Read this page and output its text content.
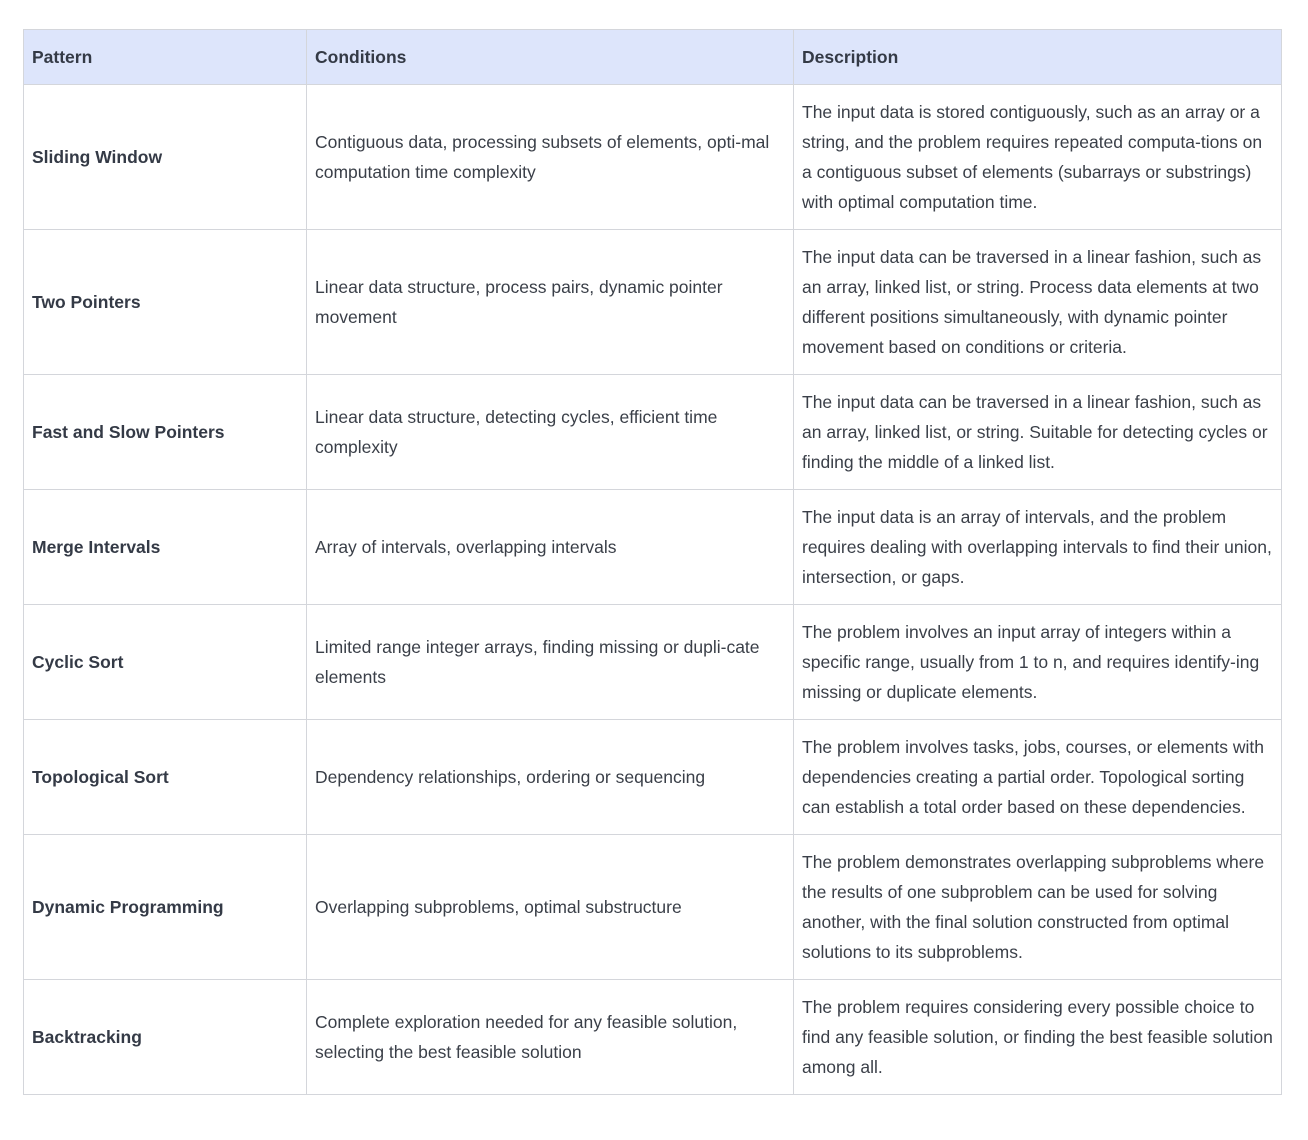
Pattern	Conditions	Description
Sliding Window	Contiguous data, processing subsets of elements, opti-mal computation time complexity	The input data is stored contiguously, such as an array or a string, and the problem requires repeated computa-tions on a contiguous subset of elements (subarrays or substrings) with optimal computation time.
Two Pointers	Linear data structure, process pairs, dynamic pointer movement	The input data can be traversed in a linear fashion, such as an array, linked list, or string. Process data elements at two different positions simultaneously, with dynamic pointer movement based on conditions or criteria.
Fast and Slow Pointers	Linear data structure, detecting cycles, efficient time complexity	The input data can be traversed in a linear fashion, such as an array, linked list, or string. Suitable for detecting cycles or finding the middle of a linked list.
Merge Intervals	Array of intervals, overlapping intervals	The input data is an array of intervals, and the problem requires dealing with overlapping intervals to find their union, intersection, or gaps.
Cyclic Sort	Limited range integer arrays, finding missing or dupli-cate elements	The problem involves an input array of integers within a specific range, usually from 1 to n, and requires identify-ing missing or duplicate elements.
Topological Sort	Dependency relationships, ordering or sequencing	The problem involves tasks, jobs, courses, or elements with dependencies creating a partial order. Topological sorting can establish a total order based on these dependencies.
Dynamic Programming	Overlapping subproblems, optimal substructure	The problem demonstrates overlapping subproblems where the results of one subproblem can be used for solving another, with the final solution constructed from optimal solutions to its subproblems.
Backtracking	Complete exploration needed for any feasible solution, selecting the best feasible solution	The problem requires considering every possible choice to find any feasible solution, or finding the best feasible solution among all.
